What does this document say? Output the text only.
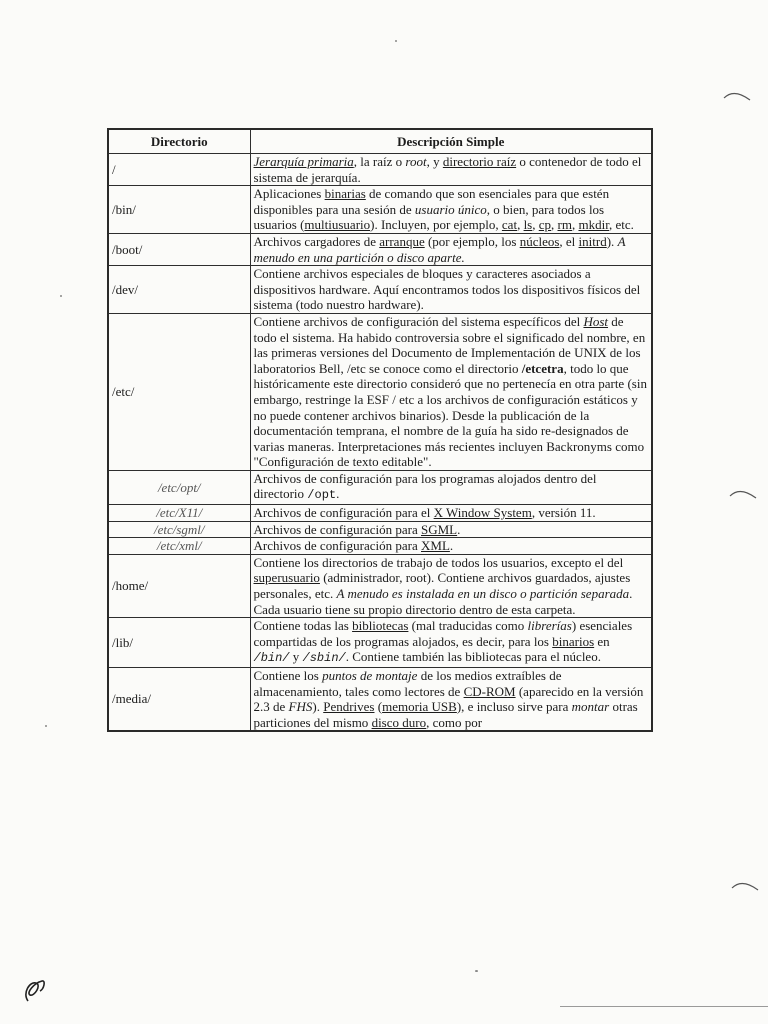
Directorio	Descripción Simple
/	Jerarquía primaria, la raíz o root, y directorio raíz o contenedor de todo el sistema de jerarquía.
/bin/	Aplicaciones binarias de comando que son esenciales para que estén disponibles para una sesión de usuario único, o bien, para todos los usuarios (multiusuario). Incluyen, por ejemplo, cat, ls, cp, rm, mkdir, etc.
/boot/	Archivos cargadores de arranque (por ejemplo, los núcleos, el initrd). A menudo en una partición o disco aparte.
/dev/	Contiene archivos especiales de bloques y caracteres asociados a dispositivos hardware. Aquí encontramos todos los dispositivos físicos del sistema (todo nuestro hardware).
/etc/	Contiene archivos de configuración del sistema específicos del Host de todo el sistema. Ha habido controversia sobre el significado del nombre, en las primeras versiones del Documento de Implementación de UNIX de los laboratorios Bell, /etc se conoce como el directorio /etcetra, todo lo que históricamente este directorio consideró que no pertenecía en otra parte (sin embargo, restringe la ESF / etc a los archivos de configuración estáticos y no puede contener archivos binarios). Desde la publicación de la documentación temprana, el nombre de la guía ha sido re-designados de varias maneras. Interpretaciones más recientes incluyen Backronyms como "Configuración de texto editable".
/etc/opt/	Archivos de configuración para los programas alojados dentro del directorio /opt.
/etc/X11/	Archivos de configuración para el X Window System, versión 11.
/etc/sgml/	Archivos de configuración para SGML.
/etc/xml/	Archivos de configuración para XML.
/home/	Contiene los directorios de trabajo de todos los usuarios, excepto el del superusuario (administrador, root). Contiene archivos guardados, ajustes personales, etc. A menudo es instalada en un disco o partición separada. Cada usuario tiene su propio directorio dentro de esta carpeta.
/lib/	Contiene todas las bibliotecas (mal traducidas como librerías) esenciales compartidas de los programas alojados, es decir, para los binarios en /bin/ y /sbin/. Contiene también las bibliotecas para el núcleo.
/media/	Contiene los puntos de montaje de los medios extraíbles de almacenamiento, tales como lectores de CD-ROM (aparecido en la versión 2.3 de FHS). Pendrives (memoria USB), e incluso sirve para montar otras particiones del mismo disco duro, como por
